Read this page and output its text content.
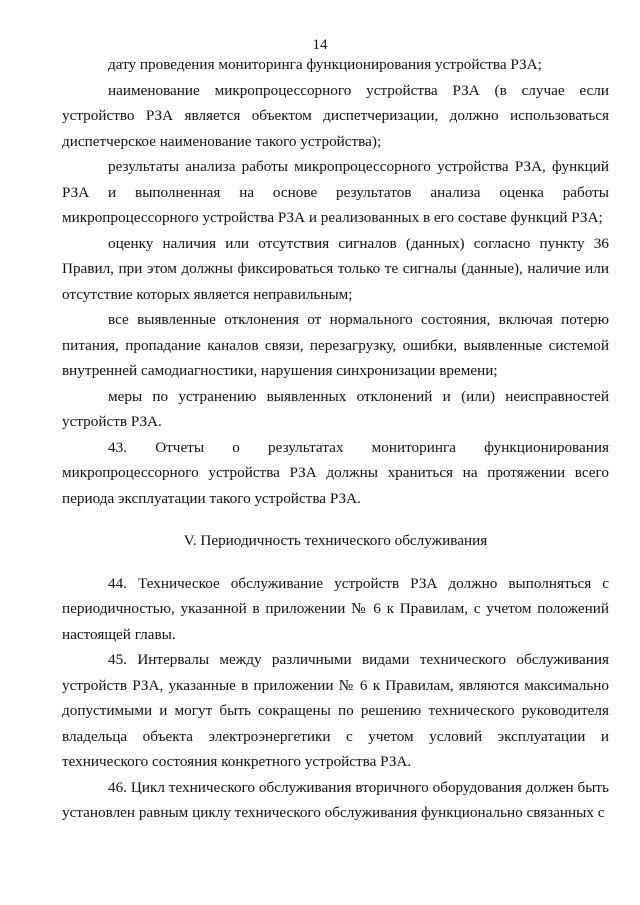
14

дату проведения мониторинга функционирования устройства РЗА;

наименование микропроцессорного устройства РЗА (в случае если устройство РЗА является объектом диспетчеризации, должно использоваться диспетчерское наименование такого устройства);

результаты анализа работы микропроцессорного устройства РЗА, функций РЗА и выполненная на основе результатов анализа оценка работы микропроцессорного устройства РЗА и реализованных в его составе функций РЗА;

оценку наличия или отсутствия сигналов (данных) согласно пункту 36 Правил, при этом должны фиксироваться только те сигналы (данные), наличие или отсутствие которых является неправильным;

все выявленные отклонения от нормального состояния, включая потерю питания, пропадание каналов связи, перезагрузку, ошибки, выявленные системой внутренней самодиагностики, нарушения синхронизации времени;

меры по устранению выявленных отклонений и (или) неисправностей устройств РЗА.

43. Отчеты о результатах мониторинга функционирования микропроцессорного устройства РЗА должны храниться на протяжении всего периода эксплуатации такого устройства РЗА.

V. Периодичность технического обслуживания

44. Техническое обслуживание устройств РЗА должно выполняться с периодичностью, указанной в приложении № 6 к Правилам, с учетом положений настоящей главы.

45. Интервалы между различными видами технического обслуживания устройств РЗА, указанные в приложении № 6 к Правилам, являются максимально допустимыми и могут быть сокращены по решению технического руководителя владельца объекта электроэнергетики с учетом условий эксплуатации и технического состояния конкретного устройства РЗА.

46. Цикл технического обслуживания вторичного оборудования должен быть установлен равным циклу технического обслуживания функционально связанных с
